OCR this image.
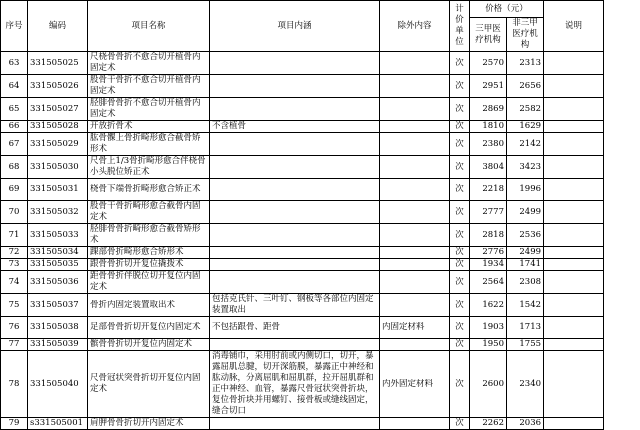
序号	编码	项目名称	项目内涵	除外内容	计价单位	价格（元）		说明
						三甲医疗机构	非三甲医疗机构	

63	331505025	尺桡骨骨折不愈合切开植骨内固定术			次	2570	2313	

64	331505026	股骨干骨折不愈合切开植骨内固定术			次	2951	2656	

65	331505027	胫腓骨骨折不愈合切开植骨内固定术			次	2869	2582	

66	331505028	开放折骨术	不含植骨		次	1810	1629	

67	331505029	肱骨髁上骨折畸形愈合截骨矫形术			次	2380	2142	

68	331505030	尺骨上1/3骨折畸形愈合伴桡骨小头脱位矫正术			次	3804	3423	

69	331505031	桡骨下端骨折畸形愈合矫正术			次	2218	1996	

70	331505032	股骨干骨折畸形愈合截骨内固定术			次	2777	2499	

71	331505033	胫腓骨骨折畸形愈合截骨矫形术			次	2818	2536	

72	331505034	踝部骨折畸形愈合矫形术			次	2776	2499	

73	331505035	跟骨骨折切开复位撬拨术			次	1934	1741	

74	331505036	距骨骨折伴脱位切开复位内固定术			次	2564	2308	

75	331505037	骨折内固定装置取出术	包括克氏针、三叶钉、钢板等各部位内固定装置取出		次	1622	1542	

76	331505038	足部骨骨折切开复位内固定术	不包括跟骨、距骨	内固定材料	次	1903	1713	

77	331505039	髌骨骨折切开复位内固定术			次	1950	1755	

78	331505040	尺骨冠状突骨折切开复位内固定术	消毒铺巾，采用肘前或内侧切口，切开，暴露屈肌总腱，切开深筋膜，暴露正中神经和肱动脉，分离屈肌和屈肌群，拉开屈肌群和正中神经、血管，暴露尺骨冠状突骨折块，复位骨折块并用螺钉、接骨板或缝线固定，缝合切口	内外固定材料	次	2600	2340	

79	s331505001	肩胛骨骨折切开内固定术			次	2262	2036	
